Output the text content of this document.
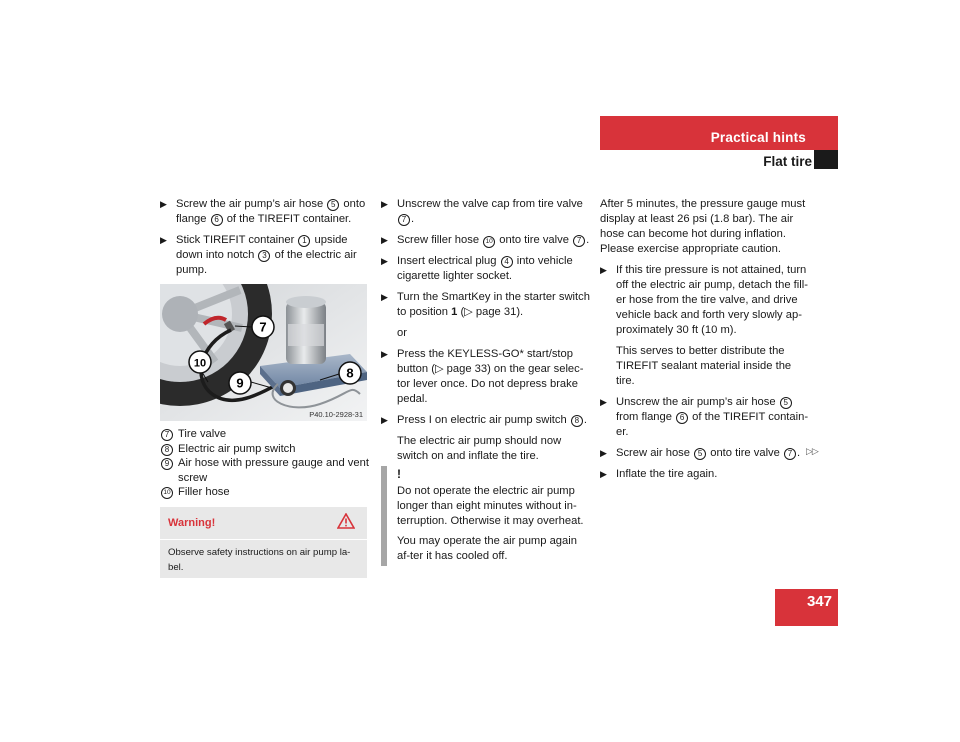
Practical hints
Flat tire
▶ Screw the air pump’s air hose 5 onto flange 6 of the TIREFIT container.
▶ Stick TIREFIT container 1 upside down into notch 3 of the electric air pump.
7
10
9
8
P40.10-2928-31

7 Tire valve

8 Electric air pump switch

9 Air hose with pressure gauge and vent screw

10 Filler hose

Warning!
Observe safety instructions on air pump la-bel.
▶ Unscrew the valve cap from tire valve 7 .
▶ Screw filler hose 10 onto tire valve 7 .
▶ Insert electrical plug 4 into vehicle cigarette lighter socket.
▶ Turn the SmartKey in the starter switch to position 1 (▷ page 31).

or

▶ Press the KEYLESS-GO* start/stop button (▷ page 33) on the gear selec-tor lever once. Do not depress brake pedal.
▶ Press I on electric air pump switch 8 .

The electric air pump should now switch on and inflate the tire.

!

Do not operate the electric air pump longer than eight minutes without in-terruption. Otherwise it may overheat.

You may operate the air pump again af-ter it has cooled off.

After 5 minutes, the pressure gauge must display at least 26 psi (1.8 bar). The air hose can become hot during inflation. Please exercise appropriate caution.

▶ If this tire pressure is not attained, turn off the electric air pump, detach the fill-er hose from the tire valve, and drive vehicle back and forth very slowly ap-proximately 30 ft (10 m).

This serves to better distribute the TIREFIT sealant material inside the tire.

▶ Unscrew the air pump’s air hose 5 from flange 6 of the TIREFIT contain-er.
▶ Screw air hose 5 onto tire valve 7 .
▶ Inflate the tire again.
▷▷
347
